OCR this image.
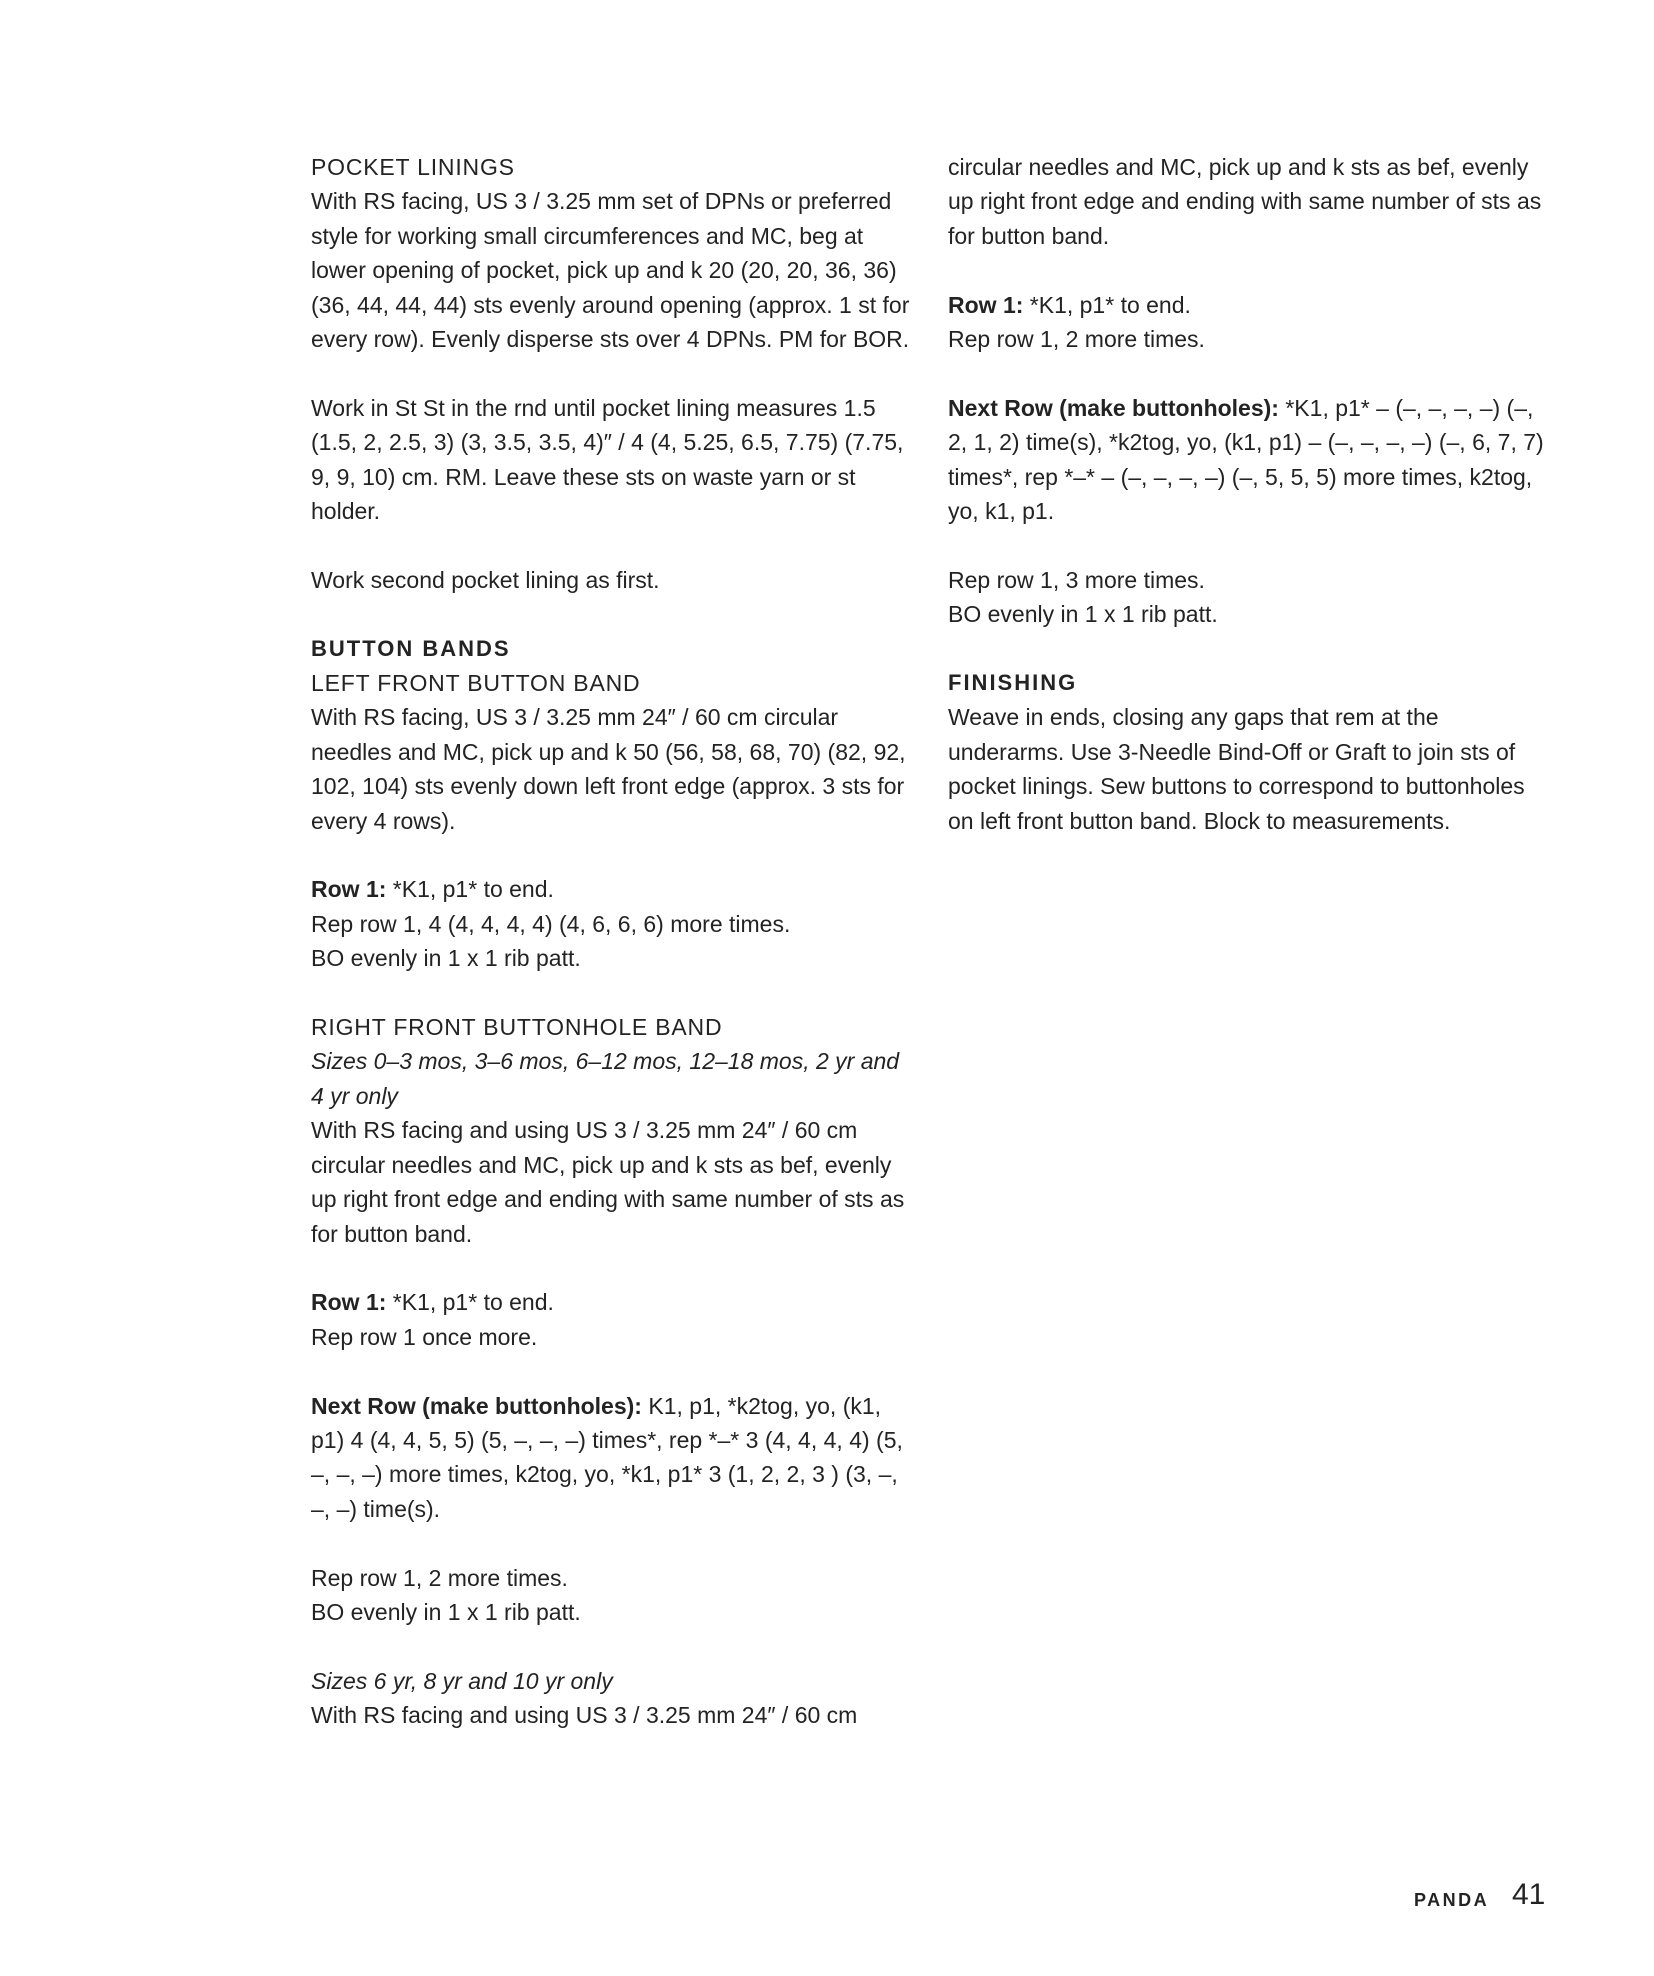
POCKET LININGS

With RS facing, US 3 / 3.25 mm set of DPNs or preferred style for working small circumferences and MC, beg at lower opening of pocket, pick up and k 20 (20, 20, 36, 36) (36, 44, 44, 44) sts evenly around opening (approx. 1 st for every row). Evenly disperse sts over 4 DPNs. PM for BOR.

Work in St St in the rnd until pocket lining measures 1.5 (1.5, 2, 2.5, 3) (3, 3.5, 3.5, 4)″ / 4 (4, 5.25, 6.5, 7.75) (7.75, 9, 9, 10) cm. RM. Leave these sts on waste yarn or st holder.

Work second pocket lining as first.

BUTTON BANDS

LEFT FRONT BUTTON BAND

With RS facing, US 3 / 3.25 mm 24″ / 60 cm circular needles and MC, pick up and k 50 (56, 58, 68, 70) (82, 92, 102, 104) sts evenly down left front edge (approx. 3 sts for every 4 rows).

Row 1: *K1, p1* to end.

Rep row 1, 4 (4, 4, 4, 4) (4, 6, 6, 6) more times.

BO evenly in 1 x 1 rib patt.

RIGHT FRONT BUTTONHOLE BAND

Sizes 0–3 mos, 3–6 mos, 6–12 mos, 12–18 mos, 2 yr and 4 yr only

With RS facing and using US 3 / 3.25 mm 24″ / 60 cm circular needles and MC, pick up and k sts as bef, evenly up right front edge and ending with same number of sts as for button band.

Row 1: *K1, p1* to end.

Rep row 1 once more.

Next Row (make buttonholes): K1, p1, *k2tog, yo, (k1, p1) 4 (4, 4, 5, 5) (5, –, –, –) times*, rep *–* 3 (4, 4, 4, 4) (5, –, –, –) more times, k2tog, yo, *k1, p1* 3 (1, 2, 2, 3 ) (3, –, –, –) time(s).

Rep row 1, 2 more times.

BO evenly in 1 x 1 rib patt.

Sizes 6 yr, 8 yr and 10 yr only

With RS facing and using US 3 / 3.25 mm 24″ / 60 cm

circular needles and MC, pick up and k sts as bef, evenly up right front edge and ending with same number of sts as for button band.

Row 1: *K1, p1* to end.

Rep row 1, 2 more times.

Next Row (make buttonholes): *K1, p1* – (–, –, –, –) (–, 2, 1, 2) time(s), *k2tog, yo, (k1, p1) – (–, –, –, –) (–, 6, 7, 7) times*, rep *–* – (–, –, –, –) (–, 5, 5, 5) more times, k2tog, yo, k1, p1.

Rep row 1, 3 more times.

BO evenly in 1 x 1 rib patt.

FINISHING

Weave in ends, closing any gaps that rem at the underarms. Use 3-Needle Bind-Off or Graft to join sts of pocket linings. Sew buttons to correspond to buttonholes on left front button band. Block to measurements.

PANDA 41
